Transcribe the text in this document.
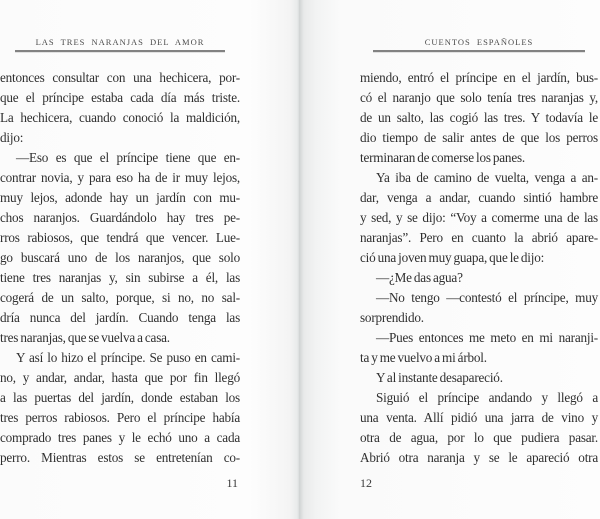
LAS TRES NARANJAS DEL AMOR
entonces consultar con una hechicera, por-
que el príncipe estaba cada día más triste.
La hechicera, cuando conoció la maldición,
dijo:
—Eso es que el príncipe tiene que en-
contrar novia, y para eso ha de ir muy lejos,
muy lejos, adonde hay un jardín con mu-
chos naranjos. Guardándolo hay tres pe-
rros rabiosos, que tendrá que vencer. Lue-
go buscará uno de los naranjos, que solo
tiene tres naranjas y, sin subirse a él, las
cogerá de un salto, porque, si no, no sal-
dría nunca del jardín. Cuando tenga las
tres naranjas, que se vuelva a casa.
Y así lo hizo el príncipe. Se puso en cami-
no, y andar, andar, hasta que por fin llegó
a las puertas del jardín, donde estaban los
tres perros rabiosos. Pero el príncipe había
comprado tres panes y le echó uno a cada
perro. Mientras estos se entretenían co-
11
CUENTOS ESPAÑOLES
miendo, entró el príncipe en el jardín, bus-
có el naranjo que solo tenía tres naranjas y,
de un salto, las cogió las tres. Y todavía le
dio tiempo de salir antes de que los perros
terminaran de comerse los panes.
Ya iba de camino de vuelta, venga a an-
dar, venga a andar, cuando sintió hambre
y sed, y se dijo: “Voy a comerme una de las
naranjas”. Pero en cuanto la abrió apare-
ció una joven muy guapa, que le dijo:
—¿Me das agua?
—No tengo —contestó el príncipe, muy
sorprendido.
—Pues entonces me meto en mi naranji-
ta y me vuelvo a mi árbol.
Y al instante desapareció.
Siguió el príncipe andando y llegó a
una venta. Allí pidió una jarra de vino y
otra de agua, por lo que pudiera pasar.
Abrió otra naranja y se le apareció otra
12
